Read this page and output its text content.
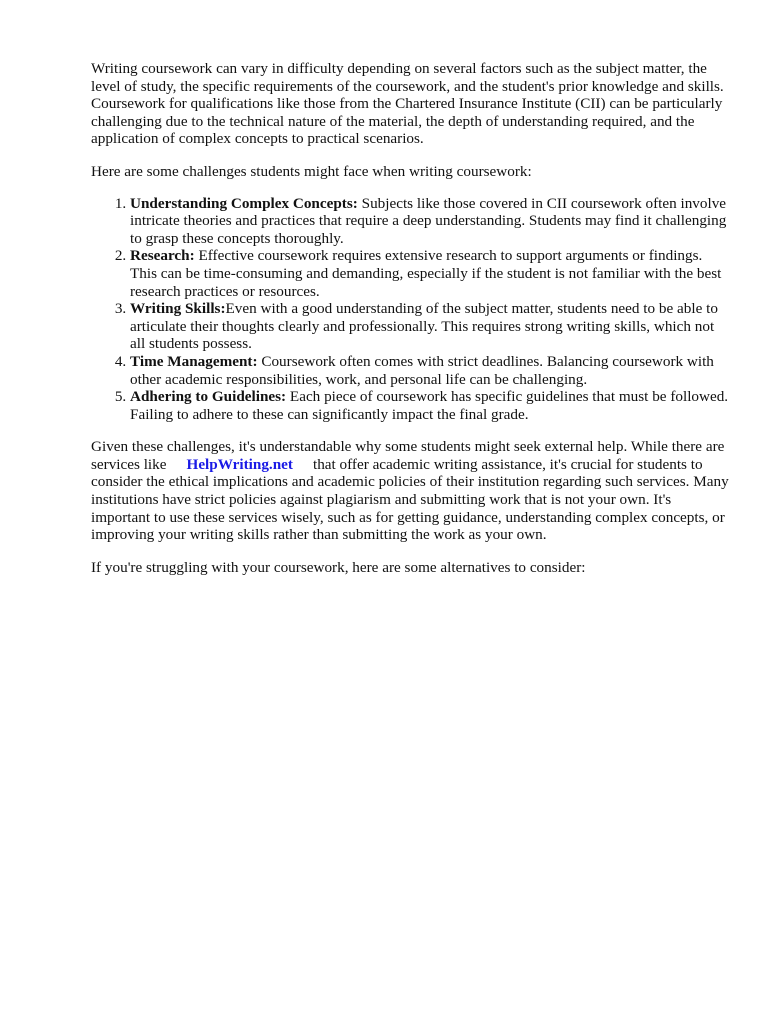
Writing coursework can vary in difficulty depending on several factors such as the subject matter, the level of study, the specific requirements of the coursework, and the student's prior knowledge and skills. Coursework for qualifications like those from the Chartered Insurance Institute (CII) can be particularly challenging due to the technical nature of the material, the depth of understanding required, and the application of complex concepts to practical scenarios.

Here are some challenges students might face when writing coursework:

1. Understanding Complex Concepts: Subjects like those covered in CII coursework often involve intricate theories and practices that require a deep understanding. Students may find it challenging to grasp these concepts thoroughly.
2. Research: Effective coursework requires extensive research to support arguments or findings. This can be time-consuming and demanding, especially if the student is not familiar with the best research practices or resources.
3. Writing Skills:Even with a good understanding of the subject matter, students need to be able to articulate their thoughts clearly and professionally. This requires strong writing skills, which not all students possess.
4. Time Management: Coursework often comes with strict deadlines. Balancing coursework with other academic responsibilities, work, and personal life can be challenging.
5. Adhering to Guidelines: Each piece of coursework has specific guidelines that must be followed. Failing to adhere to these can significantly impact the final grade.

Given these challenges, it's understandable why some students might seek external help. While there are services like HelpWriting.net that offer academic writing assistance, it's crucial for students to consider the ethical implications and academic policies of their institution regarding such services. Many institutions have strict policies against plagiarism and submitting work that is not your own. It's important to use these services wisely, such as for getting guidance, understanding complex concepts, or improving your writing skills rather than submitting the work as your own.

If you're struggling with your coursework, here are some alternatives to consider:
